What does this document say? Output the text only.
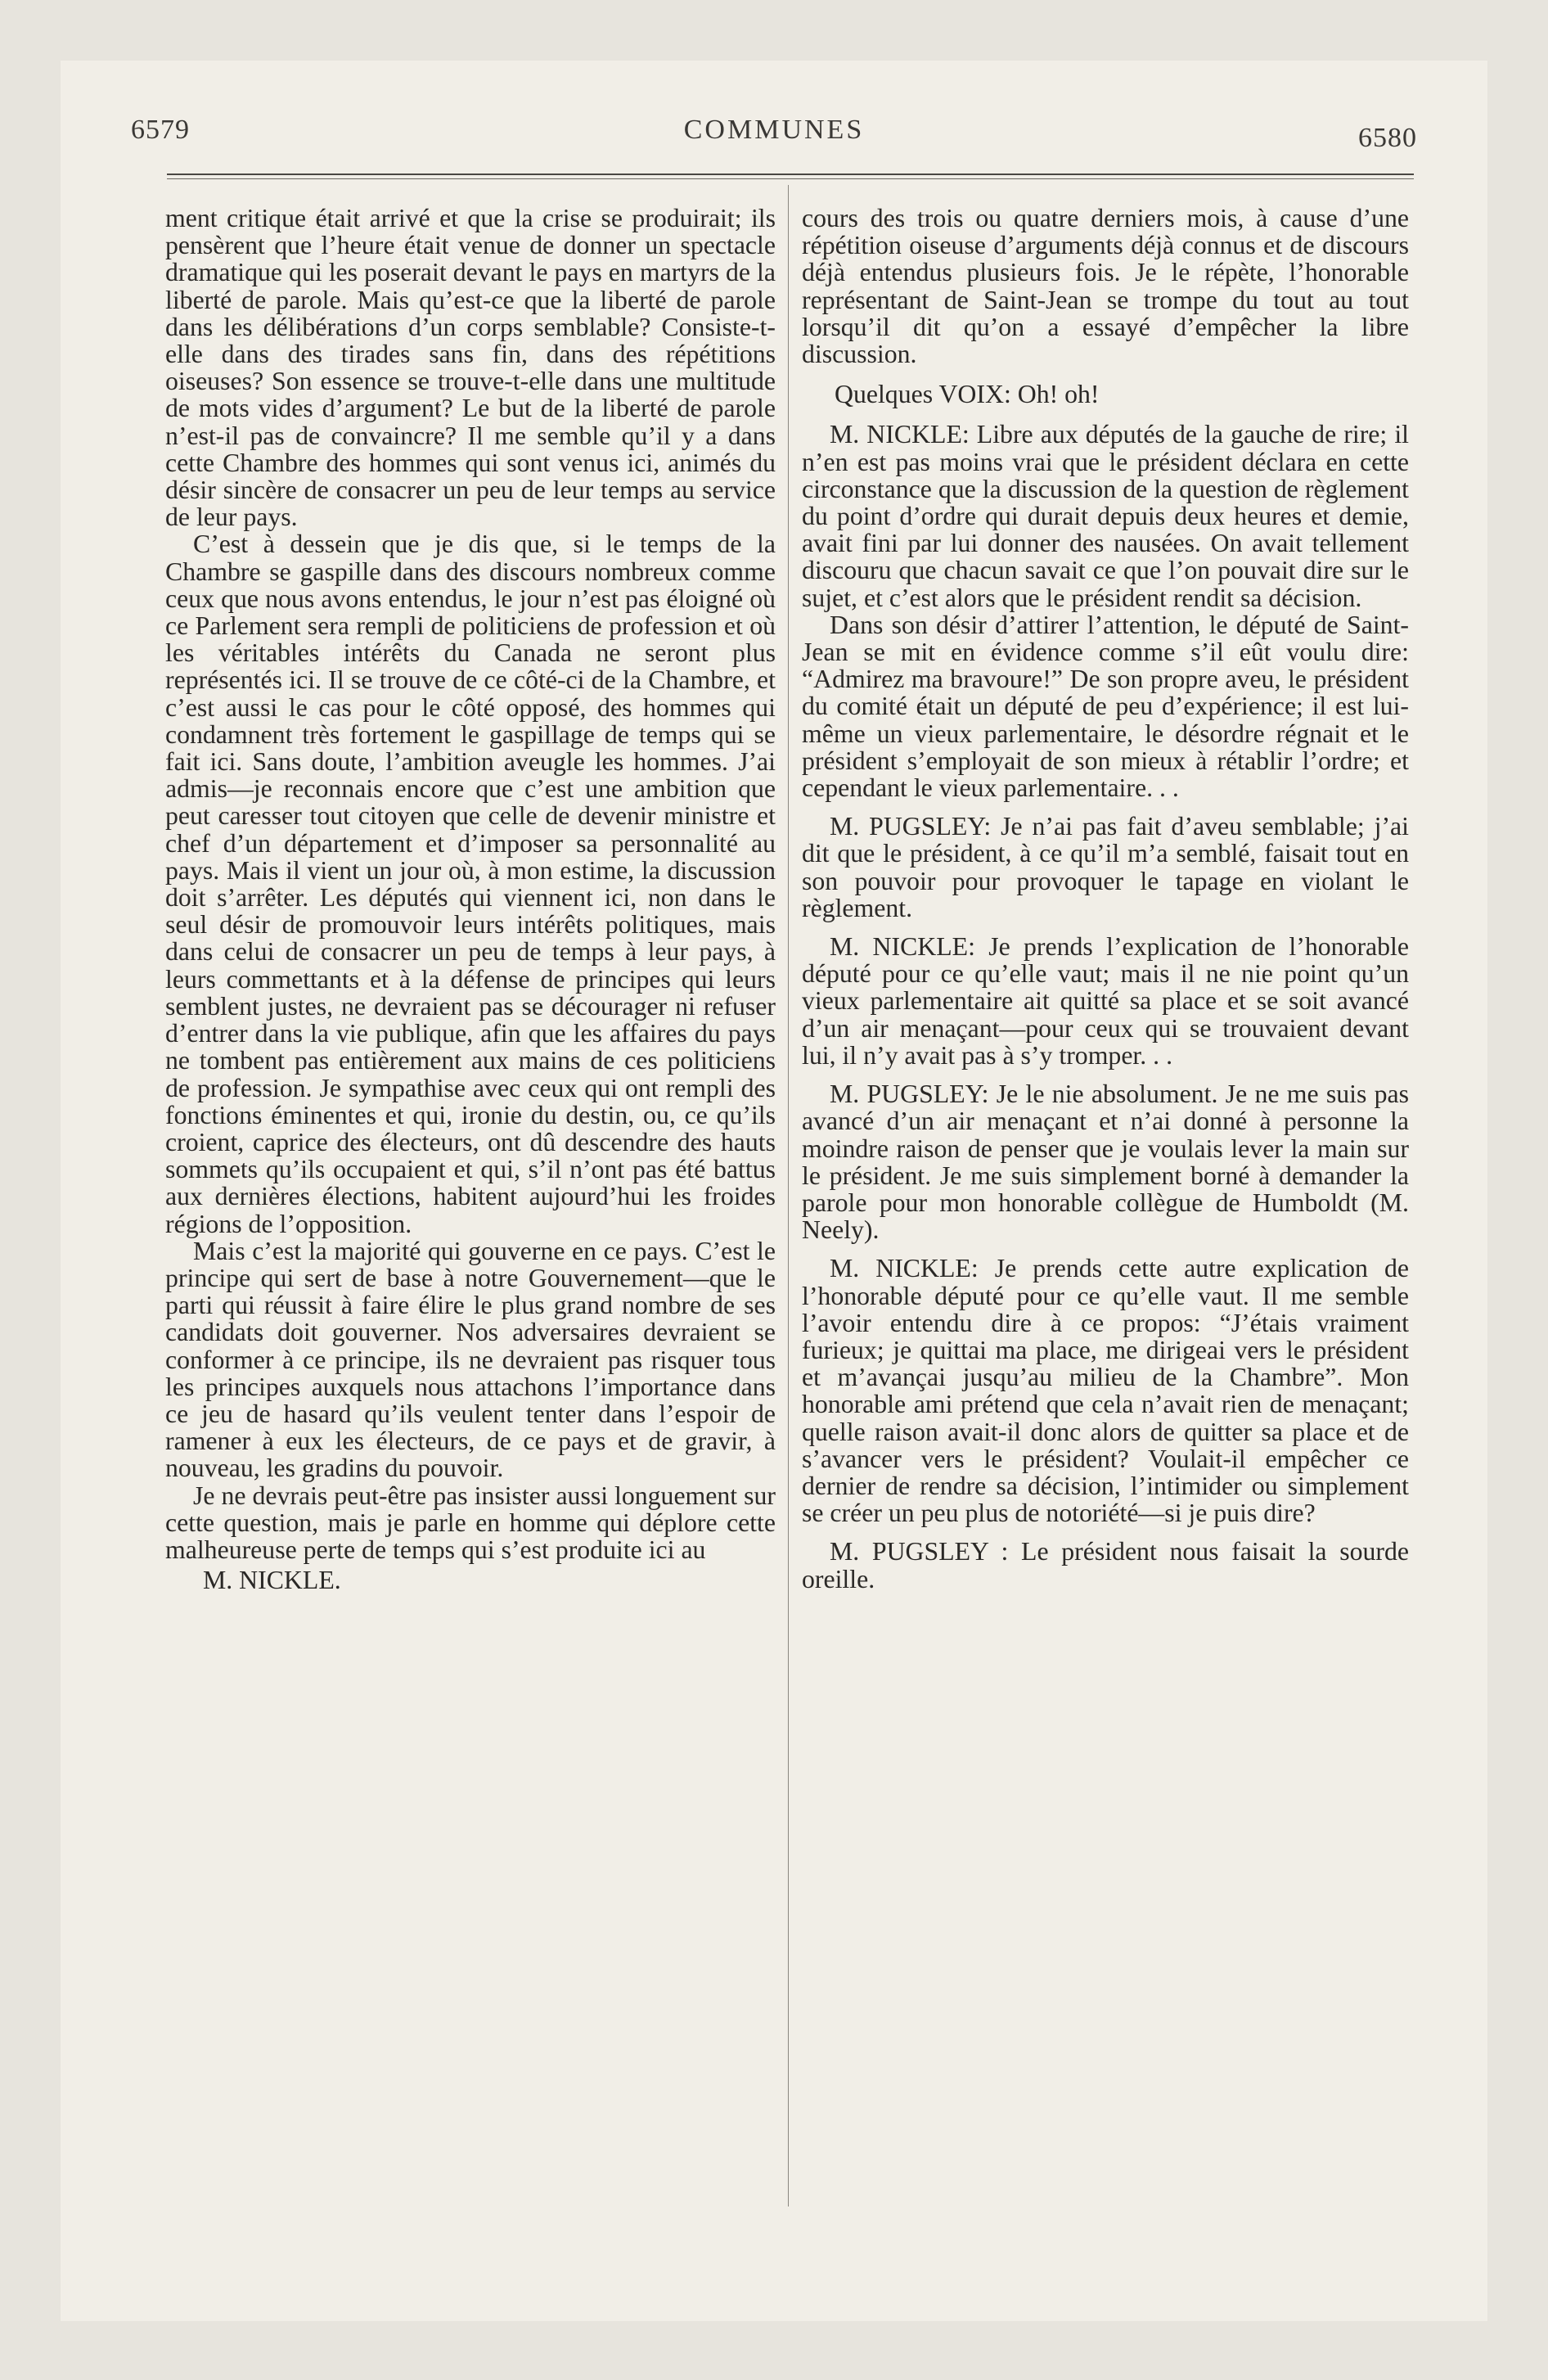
6579	COMMUNES	6580

ment critique était arrivé et que la crise se produirait; ils pensèrent que l’heure était venue de donner un spectacle dramatique qui les poserait devant le pays en martyrs de la liberté de parole. Mais qu’est-ce que la liberté de parole dans les délibérations d’un corps semblable? Consiste-t-elle dans des tirades sans fin, dans des répétitions oiseuses? Son essence se trouve-t-elle dans une multitude de mots vides d’argument? Le but de la liberté de parole n’est-il pas de convaincre? Il me semble qu’il y a dans cette Chambre des hommes qui sont venus ici, animés du désir sincère de consacrer un peu de leur temps au service de leur pays.

C’est à dessein que je dis que, si le temps de la Chambre se gaspille dans des discours nombreux comme ceux que nous avons entendus, le jour n’est pas éloigné où ce Parlement sera rempli de politiciens de profession et où les véritables intérêts du Canada ne seront plus représentés ici. Il se trouve de ce côté-ci de la Chambre, et c’est aussi le cas pour le côté opposé, des hommes qui condamnent très fortement le gaspillage de temps qui se fait ici. Sans doute, l’ambition aveugle les hommes. J’ai admis—je reconnais encore que c’est une ambition que peut caresser tout citoyen que celle de devenir ministre et chef d’un département et d’imposer sa personnalité au pays. Mais il vient un jour où, à mon estime, la discussion doit s’arrêter. Les députés qui viennent ici, non dans le seul désir de promouvoir leurs intérêts politiques, mais dans celui de consacrer un peu de temps à leur pays, à leurs commettants et à la défense de principes qui leurs semblent justes, ne devraient pas se décourager ni refuser d’entrer dans la vie publique, afin que les affaires du pays ne tombent pas entièrement aux mains de ces politiciens de profession. Je sympathise avec ceux qui ont rempli des fonctions éminentes et qui, ironie du destin, ou, ce qu’ils croient, caprice des électeurs, ont dû descendre des hauts sommets qu’ils occupaient et qui, s’il n’ont pas été battus aux dernières élections, habitent aujourd’hui les froides régions de l’opposition.

Mais c’est la majorité qui gouverne en ce pays. C’est le principe qui sert de base à notre Gouvernement—que le parti qui réussit à faire élire le plus grand nombre de ses candidats doit gouverner. Nos adversaires devraient se conformer à ce principe, ils ne devraient pas risquer tous les principes auxquels nous attachons l’importance dans ce jeu de hasard qu’ils veulent tenter dans l’espoir de ramener à eux les électeurs, de ce pays et de gravir, à nouveau, les gradins du pouvoir.

Je ne devrais peut-être pas insister aussi longuement sur cette question, mais je parle en homme qui déplore cette malheureuse perte de temps qui s’est produite ici au

M. NICKLE.

cours des trois ou quatre derniers mois, à cause d’une répétition oiseuse d’arguments déjà connus et de discours déjà entendus plusieurs fois. Je le répète, l’honorable représentant de Saint-Jean se trompe du tout au tout lorsqu’il dit qu’on a essayé d’empêcher la libre discussion.

Quelques VOIX: Oh! oh!

M. NICKLE: Libre aux députés de la gauche de rire; il n’en est pas moins vrai que le président déclara en cette circonstance que la discussion de la question de règlement du point d’ordre qui durait depuis deux heures et demie, avait fini par lui donner des nausées. On avait tellement discouru que chacun savait ce que l’on pouvait dire sur le sujet, et c’est alors que le président rendit sa décision.

Dans son désir d’attirer l’attention, le député de Saint-Jean se mit en évidence comme s’il eût voulu dire: “Admirez ma bravoure!” De son propre aveu, le président du comité était un député de peu d’expérience; il est lui-même un vieux parlementaire, le désordre régnait et le président s’employait de son mieux à rétablir l’ordre; et cependant le vieux parlementaire. . .

M. PUGSLEY: Je n’ai pas fait d’aveu semblable; j’ai dit que le président, à ce qu’il m’a semblé, faisait tout en son pouvoir pour provoquer le tapage en violant le règlement.

M. NICKLE: Je prends l’explication de l’honorable député pour ce qu’elle vaut; mais il ne nie point qu’un vieux parlementaire ait quitté sa place et se soit avancé d’un air menaçant—pour ceux qui se trouvaient devant lui, il n’y avait pas à s’y tromper. . .

M. PUGSLEY: Je le nie absolument. Je ne me suis pas avancé d’un air menaçant et n’ai donné à personne la moindre raison de penser que je voulais lever la main sur le président. Je me suis simplement borné à demander la parole pour mon honorable collègue de Humboldt (M. Neely).

M. NICKLE: Je prends cette autre explication de l’honorable député pour ce qu’elle vaut. Il me semble l’avoir entendu dire à ce propos: “J’étais vraiment furieux; je quittai ma place, me dirigeai vers le président et m’avançai jusqu’au milieu de la Chambre”. Mon honorable ami prétend que cela n’avait rien de menaçant; quelle raison avait-il donc alors de quitter sa place et de s’avancer vers le président? Voulait-il empêcher ce dernier de rendre sa décision, l’intimider ou simplement se créer un peu plus de notoriété—si je puis dire?

M. PUGSLEY : Le président nous faisait la sourde oreille.
